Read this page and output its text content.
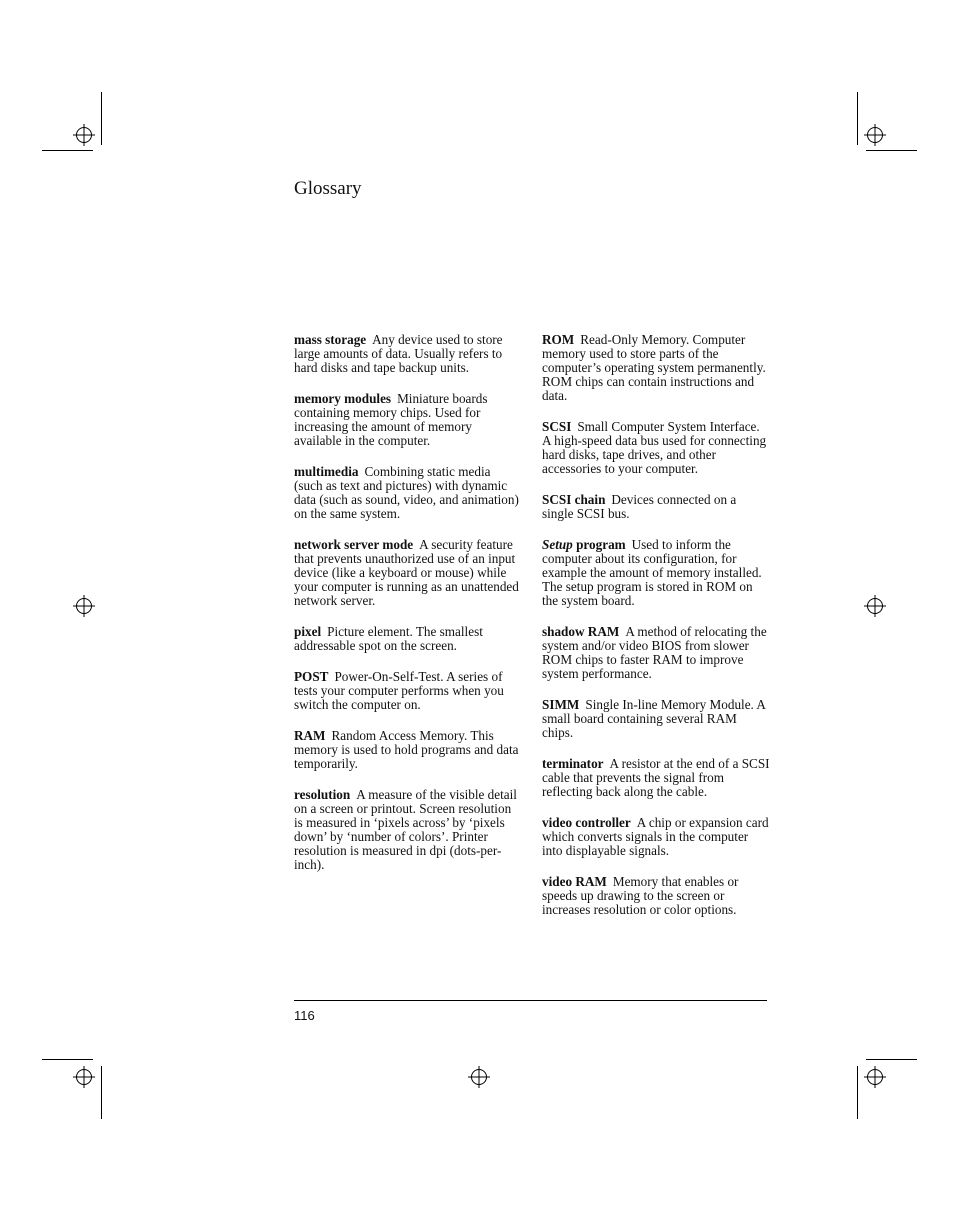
Glossary

mass storage Any device used to store large amounts of data. Usually refers to hard disks and tape backup units.

memory modules Miniature boards containing memory chips. Used for increasing the amount of memory available in the computer.

multimedia Combining static media (such as text and pictures) with dynamic data (such as sound, video, and animation) on the same system.

network server mode A security feature that prevents unauthorized use of an input device (like a keyboard or mouse) while your computer is running as an unattended network server.

pixel Picture element. The smallest addressable spot on the screen.

POST Power-On-Self-Test. A series of tests your computer performs when you switch the computer on.

RAM Random Access Memory. This memory is used to hold programs and data temporarily.

resolution A measure of the visible detail on a screen or printout. Screen resolution is measured in ‘pixels across’ by ‘pixels down’ by ‘number of colors’. Printer resolution is measured in dpi (dots-per-inch).

ROM Read-Only Memory. Computer memory used to store parts of the computer’s operating system permanently. ROM chips can contain instructions and data.

SCSI Small Computer System Interface. A high-speed data bus used for connecting hard disks, tape drives, and other accessories to your computer.

SCSI chain Devices connected on a single SCSI bus.

Setup program Used to inform the computer about its configuration, for example the amount of memory installed. The setup program is stored in ROM on the system board.

shadow RAM A method of relocating the system and/or video BIOS from slower ROM chips to faster RAM to improve system performance.

SIMM Single In-line Memory Module. A small board containing several RAM chips.

terminator A resistor at the end of a SCSI cable that prevents the signal from reflecting back along the cable.

video controller A chip or expansion card which converts signals in the computer into displayable signals.

video RAM Memory that enables or speeds up drawing to the screen or increases resolution or color options.

116
